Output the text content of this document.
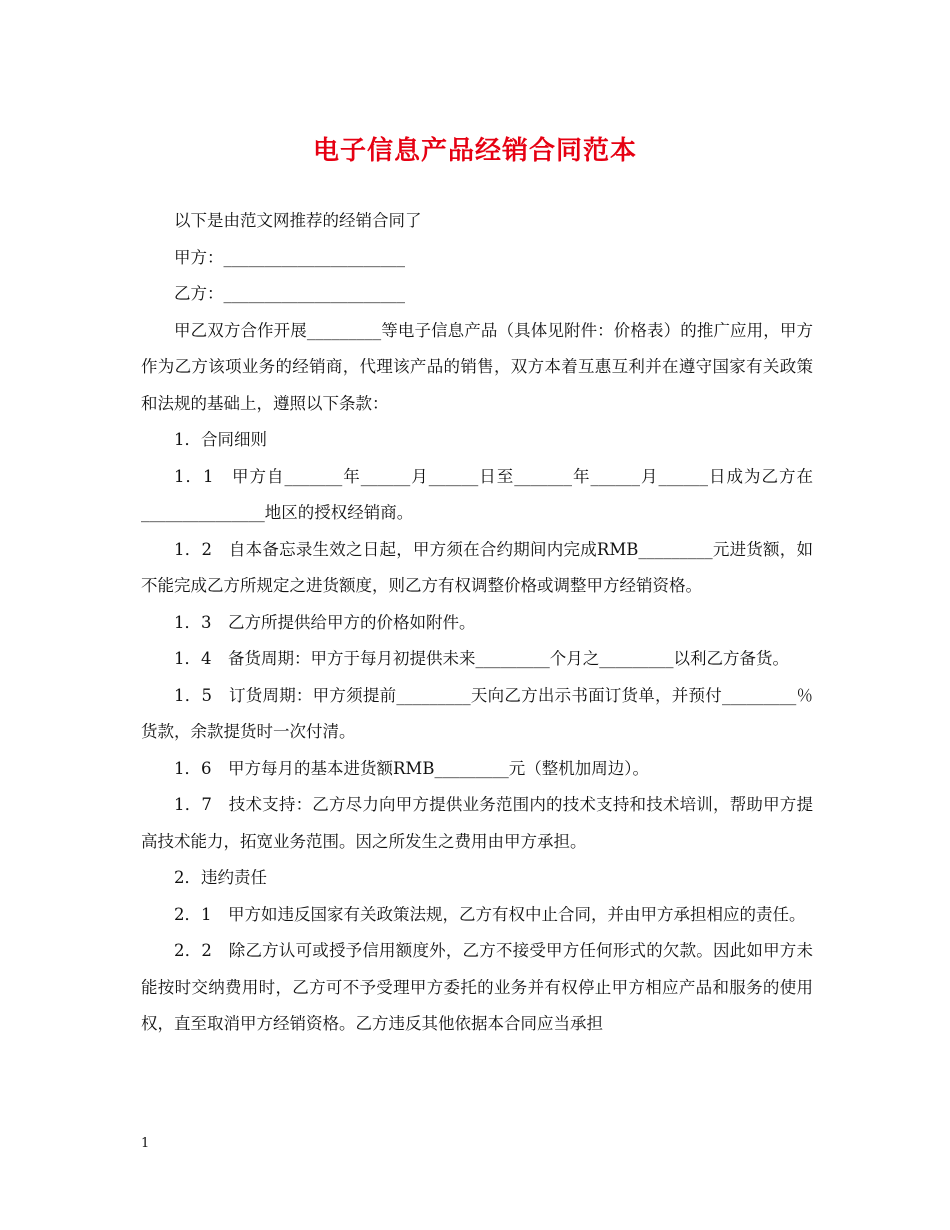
电子信息产品经销合同范本

以下是由范文网推荐的经销合同了

甲方：______________________

乙方：______________________

甲乙双方合作开展_________等电子信息产品（具体见附件：价格表）的推广应用，甲方作为乙方该项业务的经销商，代理该产品的销售，双方本着互惠互利并在遵守国家有关政策和法规的基础上，遵照以下条款：

1．合同细则

1．1　甲方自_______年______月______日至_______年______月______日成为乙方在_______________地区的授权经销商。

1．2　自本备忘录生效之日起，甲方须在合约期间内完成RMB_________元进货额，如不能完成乙方所规定之进货额度，则乙方有权调整价格或调整甲方经销资格。

1．3　乙方所提供给甲方的价格如附件。

1．4　备货周期：甲方于每月初提供未来_________个月之_________以利乙方备货。

1．5　订货周期：甲方须提前_________天向乙方出示书面订货单，并预付_________％货款，余款提货时一次付清。

1．6　甲方每月的基本进货额RMB_________元（整机加周边）。

1．7　技术支持：乙方尽力向甲方提供业务范围内的技术支持和技术培训，帮助甲方提高技术能力，拓宽业务范围。因之所发生之费用由甲方承担。

2．违约责任

2．1　甲方如违反国家有关政策法规，乙方有权中止合同，并由甲方承担相应的责任。

2．2　除乙方认可或授予信用额度外，乙方不接受甲方任何形式的欠款。因此如甲方未能按时交纳费用时，乙方可不予受理甲方委托的业务并有权停止甲方相应产品和服务的使用权，直至取消甲方经销资格。乙方违反其他依据本合同应当承担

1
